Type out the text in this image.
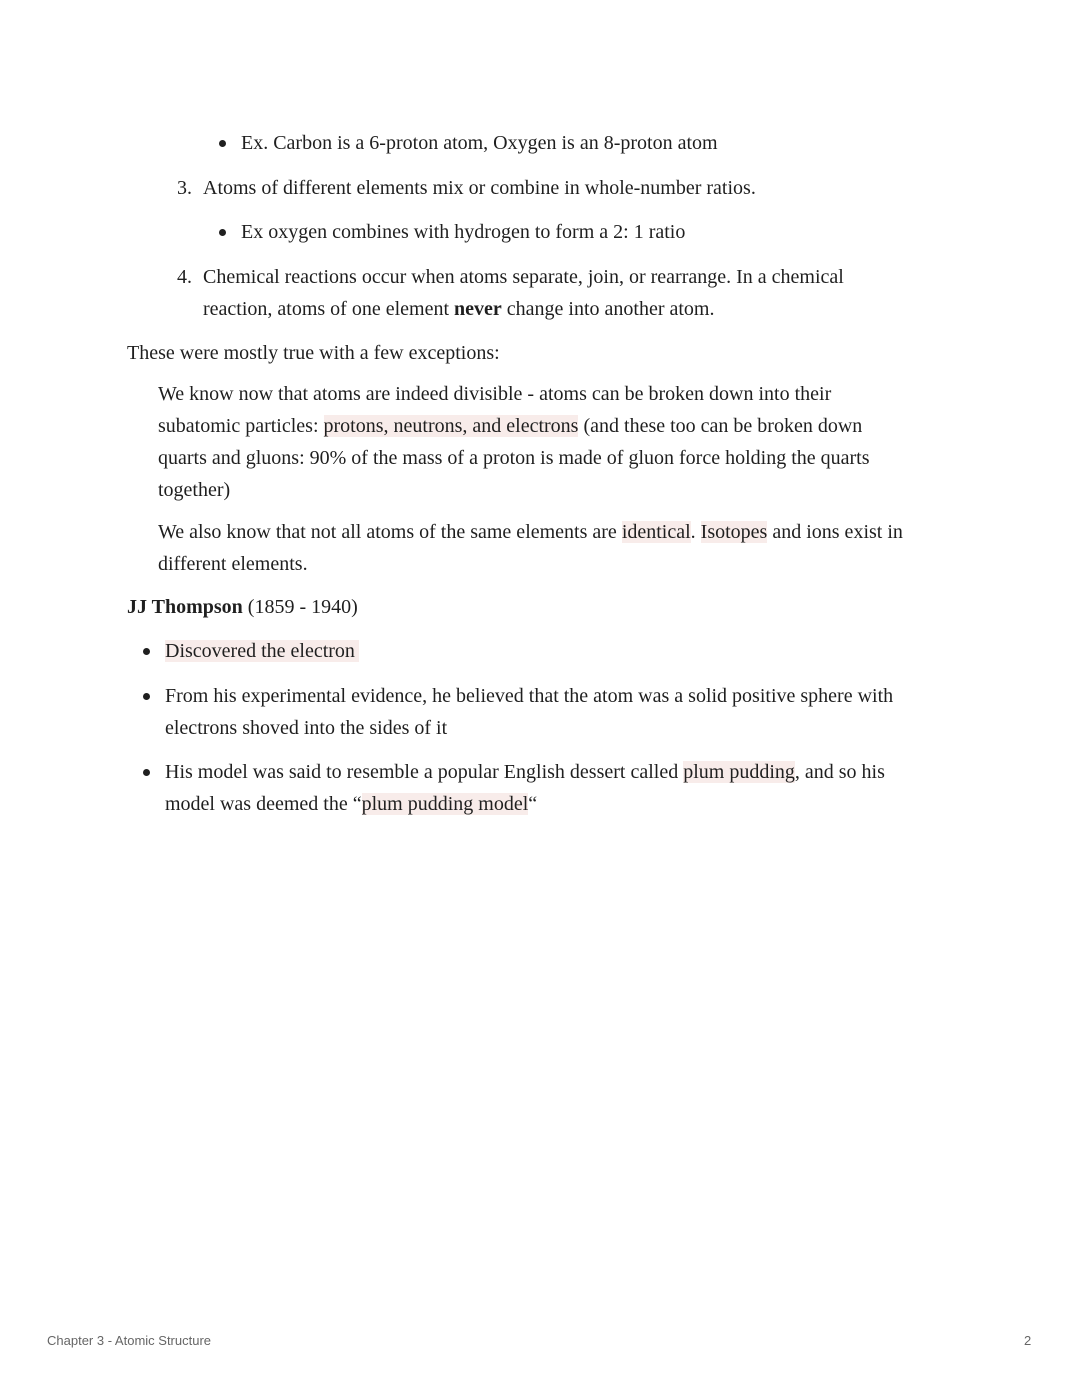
Ex. Carbon is a 6-proton atom, Oxygen is an 8-proton atom
3. Atoms of different elements mix or combine in whole-number ratios.
Ex oxygen combines with hydrogen to form a 2: 1 ratio
4. Chemical reactions occur when atoms separate, join, or rearrange. In a chemical
reaction, atoms of one element never change into another atom.
These were mostly true with a few exceptions:
We know now that atoms are indeed divisible - atoms can be broken down into their
subatomic particles: protons, neutrons, and electrons (and these too can be broken down
quarts and gluons: 90% of the mass of a proton is made of gluon force holding the quarts
together)
We also know that not all atoms of the same elements are identical. Isotopes and ions exist in
different elements.
JJ Thompson (1859 - 1940)
Discovered the electron
From his experimental evidence, he believed that the atom was a solid positive sphere with
electrons shoved into the sides of it
His model was said to resemble a popular English dessert called plum pudding, and so his
model was deemed the “plum pudding model“
Chapter 3 - Atomic Structure	2
